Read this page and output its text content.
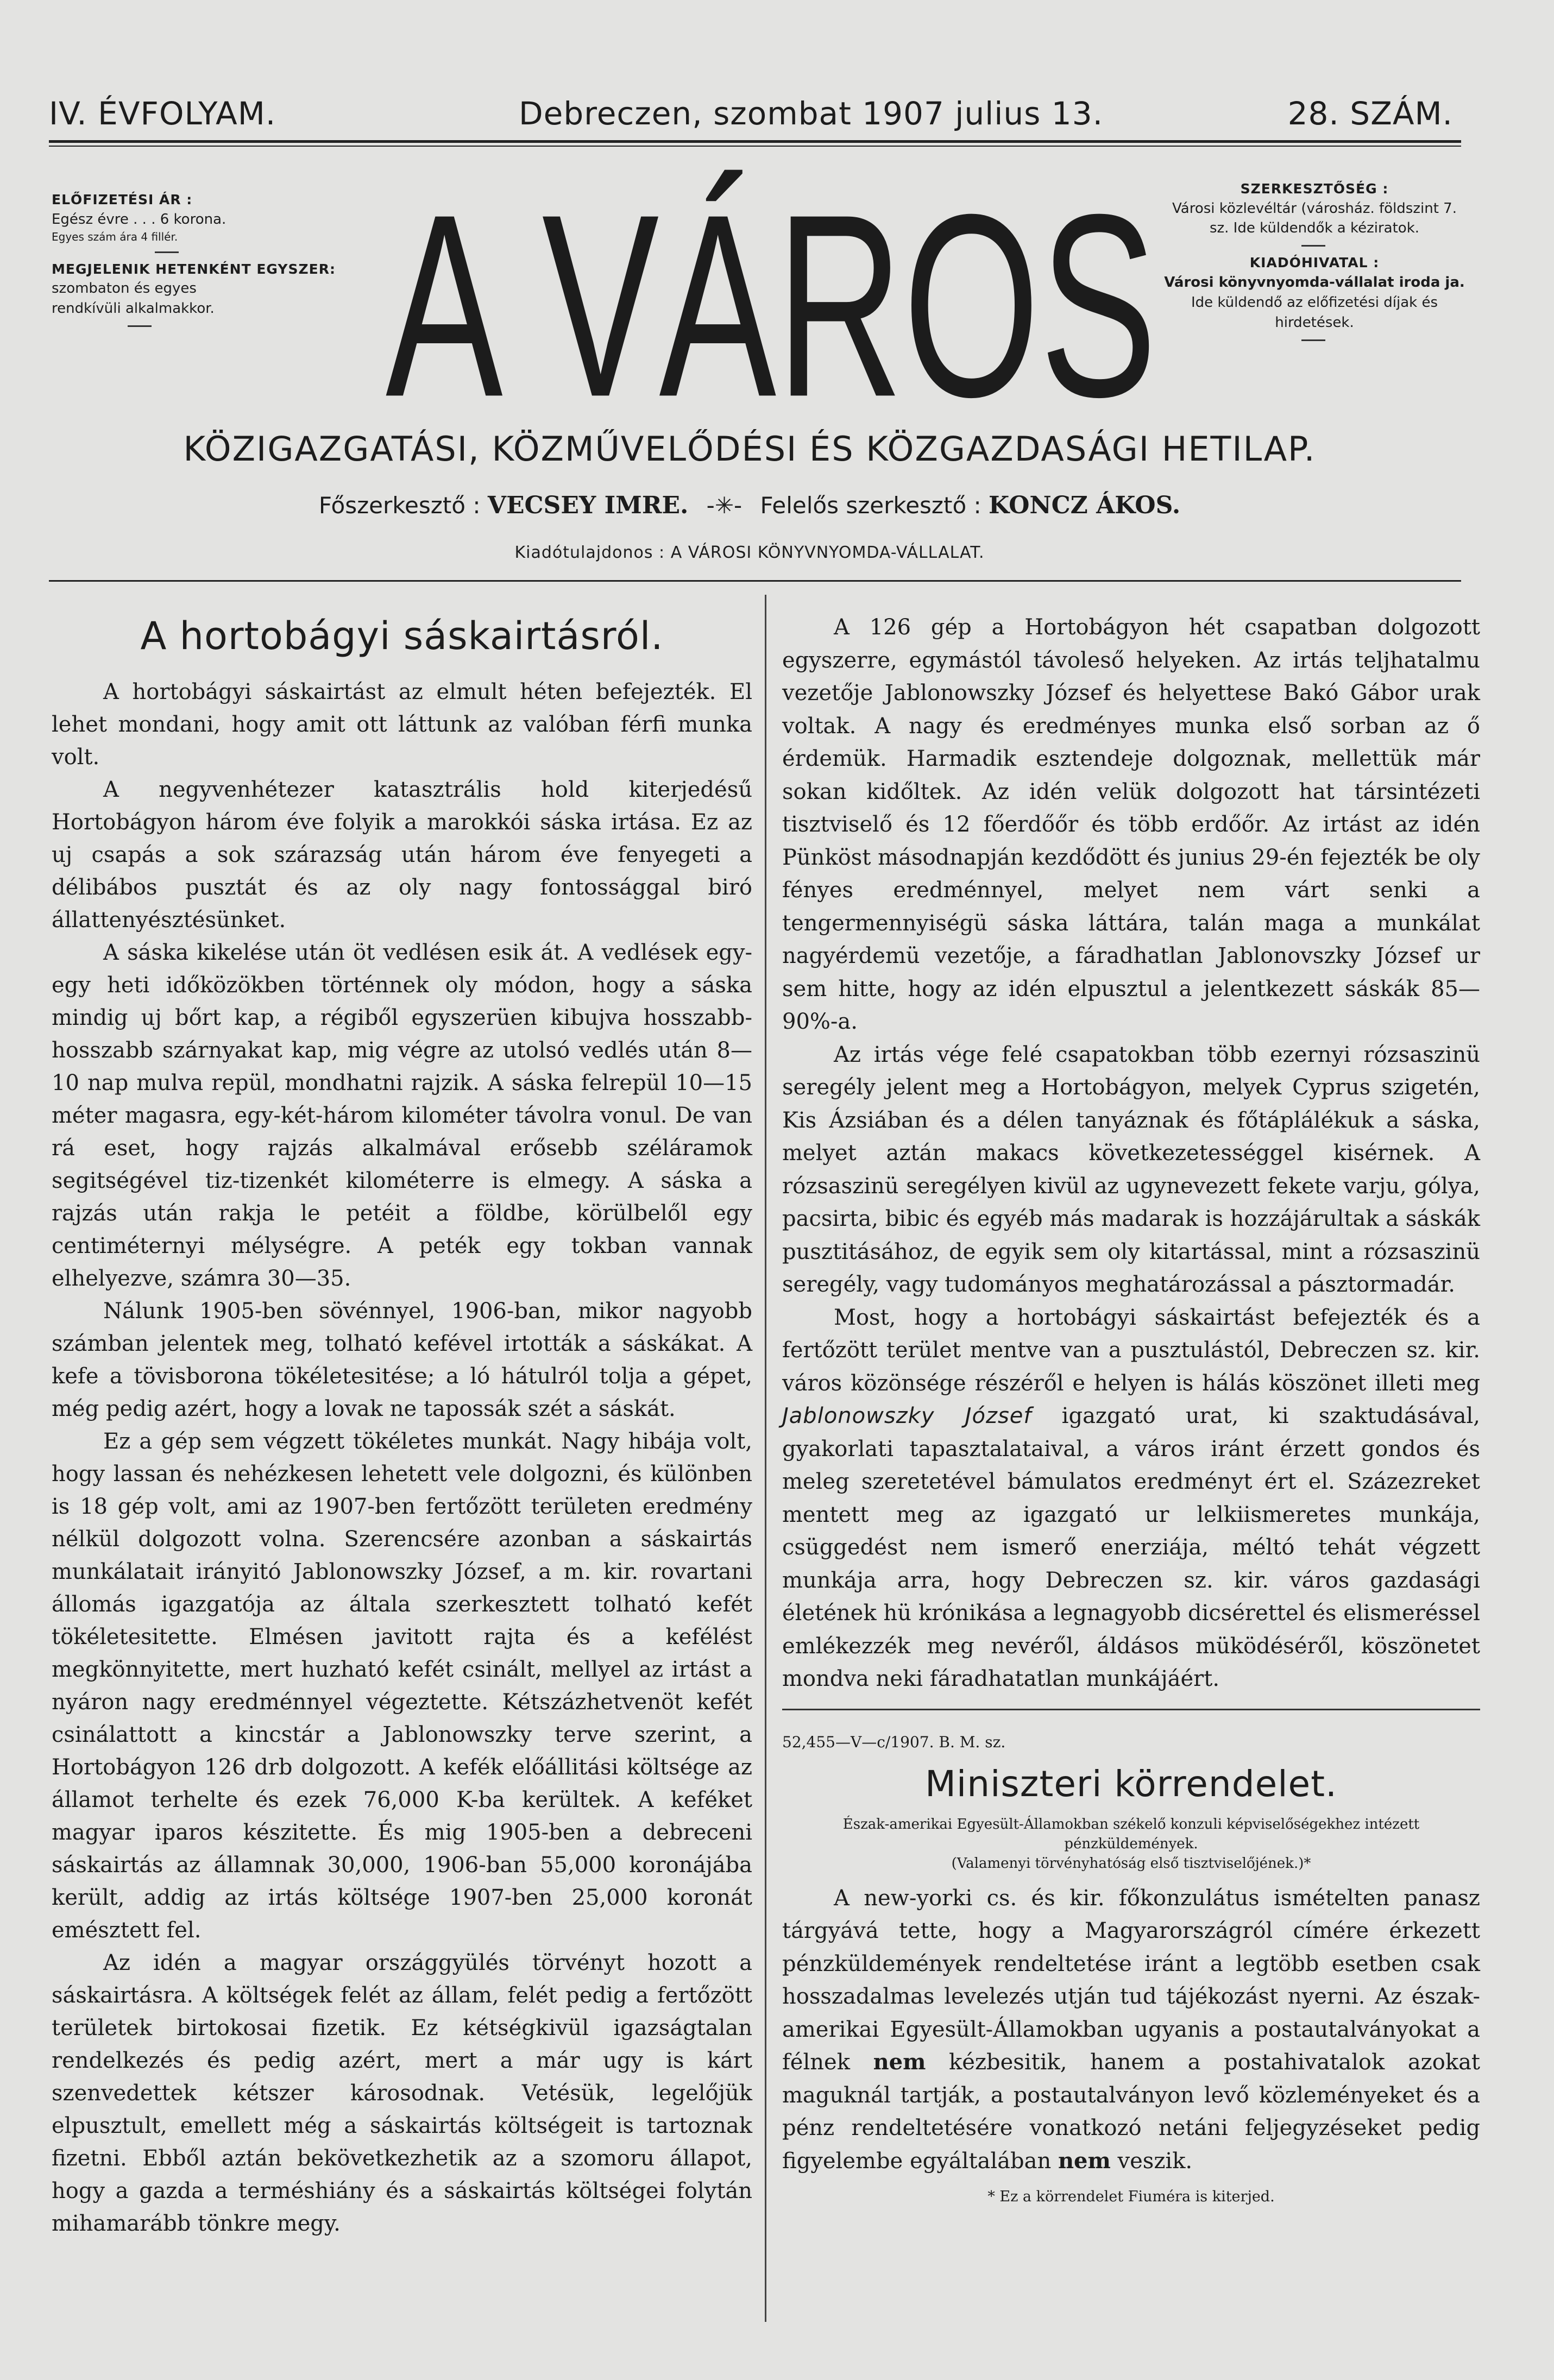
IV. ÉVFOLYAM.	Debreczen, szombat 1907 julius 13.	28. SZÁM.
ELŐFIZETÉSI ÁR :
Egész évre . . . 6 korona.
Egyes szám ára 4 fillér.
MEGJELENIK HETENKÉNT EGYSZER:
szombaton és egyes rendkívüli alkalmakkor. A VÁROS	SZERKESZTŐSÉG :
Városi közlevéltár (városház. földszint 7. sz. Ide küldendők a kéziratok.
KIADÓHIVATAL :
Városi könyvnyomda-vállalat iroda ja.
Ide küldendő az előfizetési díjak és hirdetések.
KÖZIGAZGATÁSI, KÖZMŰVELŐDÉSI ÉS KÖZGAZDASÁGI HETILAP.
Főszerkesztő : VECSEY IMRE. -✳- Felelős szerkesztő : KONCZ ÁKOS.
Kiadótulajdonos : A VÁROSI KÖNYVNYOMDA-VÁLLALAT.
A hortobágyi sáskairtásról.

A hortobágyi sáskairtást az elmult héten befejezték. El lehet mondani, hogy amit ott láttunk az valóban férfi munka volt.

A negyvenhétezer katasztrális hold kiterjedésű Hortobágyon három éve folyik a marokkói sáska irtása. Ez az uj csapás a sok szárazság után három éve fenyegeti a délibábos pusztát és az oly nagy fontossággal biró állattenyésztésünket.

A sáska kikelése után öt vedlésen esik át. A vedlések egy-egy heti időközökben történnek oly módon, hogy a sáska mindig uj bőrt kap, a régiből egyszerüen kibujva hosszabb-hosszabb szárnyakat kap, mig végre az utolsó vedlés után 8—10 nap mulva repül, mondhatni rajzik. A sáska felrepül 10—15 méter magasra, egy-két-három kilométer távolra vonul. De van rá eset, hogy rajzás alkalmával erősebb széláramok segitségével tiz-tizenkét kilométerre is elmegy. A sáska a rajzás után rakja le petéit a földbe, körülbelől egy centiméternyi mélységre. A peték egy tokban vannak elhelyezve, számra 30—35.

Nálunk 1905-ben sövénnyel, 1906-ban, mikor nagyobb számban jelentek meg, tolható kefével irtották a sáskákat. A kefe a tövisborona tökéletesitése; a ló hátulról tolja a gépet, még pedig azért, hogy a lovak ne tapossák szét a sáskát.

Ez a gép sem végzett tökéletes munkát. Nagy hibája volt, hogy lassan és nehézkesen lehetett vele dolgozni, és különben is 18 gép volt, ami az 1907-ben fertőzött területen eredmény nélkül dolgozott volna. Szerencsére azonban a sáskairtás munkálatait irányitó Jablonowszky József, a m. kir. rovartani állomás igazgatója az általa szerkesztett tolható kefét tökéletesitette. Elmésen javitott rajta és a kefélést megkönnyitette, mert huzható kefét csinált, mellyel az irtást a nyáron nagy eredménnyel végeztette. Kétszázhetvenöt kefét csinálattott a kincstár a Jablonowszky terve szerint, a Hortobágyon 126 drb dolgozott. A kefék előállitási költsége az államot terhelte és ezek 76,000 K-ba kerültek. A keféket magyar iparos készitette. És mig 1905-ben a debreceni sáskairtás az államnak 30,000, 1906-ban 55,000 koronájába került, addig az irtás költsége 1907-ben 25,000 koronát emésztett fel.

Az idén a magyar országgyülés törvényt hozott a sáskairtásra. A költségek felét az állam, felét pedig a fertőzött területek birtokosai fizetik. Ez kétségkivül igazságtalan rendelkezés és pedig azért, mert a már ugy is kárt szenvedettek kétszer károsodnak. Vetésük, legelőjük elpusztult, emellett még a sáskairtás költségeit is tartoznak fizetni. Ebből aztán bekövetkezhetik az a szomoru állapot, hogy a gazda a terméshiány és a sáskairtás költségei folytán mihamarább tönkre megy.

A 126 gép a Hortobágyon hét csapatban dolgozott egyszerre, egymástól távoleső helyeken. Az irtás teljhatalmu vezetője Jablonowszky József és helyettese Bakó Gábor urak voltak. A nagy és eredményes munka első sorban az ő érdemük. Harmadik esztendeje dolgoznak, mellettük már sokan kidőltek. Az idén velük dolgozott hat társintézeti tisztviselő és 12 főerdőőr és több erdőőr. Az irtást az idén Pünköst másodnapján kezdődött és junius 29-én fejezték be oly fényes eredménnyel, melyet nem várt senki a tengermennyiségü sáska láttára, talán maga a munkálat nagyérdemü vezetője, a fáradhatlan Jablonovszky József ur sem hitte, hogy az idén elpusztul a jelentkezett sáskák 85—90%-a.

Az irtás vége felé csapatokban több ezernyi rózsaszinü seregély jelent meg a Hortobágyon, melyek Cyprus szigetén, Kis Ázsiában és a délen tanyáznak és főtáplálékuk a sáska, melyet aztán makacs következetességgel kisérnek. A rózsaszinü seregélyen kivül az ugynevezett fekete varju, gólya, pacsirta, bibic és egyéb más madarak is hozzájárultak a sáskák pusztitásához, de egyik sem oly kitartással, mint a rózsaszinü seregély, vagy tudományos meghatározással a pásztormadár.

Most, hogy a hortobágyi sáskairtást befejezték és a fertőzött terület mentve van a pusztulástól, Debreczen sz. kir. város közönsége részéről e helyen is hálás köszönet illeti meg Jablonowszky József igazgató urat, ki szaktudásával, gyakorlati tapasztalataival, a város iránt érzett gondos és meleg szeretetével bámulatos eredményt ért el. Százezreket mentett meg az igazgató ur lelkiismeretes munkája, csüggedést nem ismerő enerziája, méltó tehát végzett munkája arra, hogy Debreczen sz. kir. város gazdasági életének hü krónikása a legnagyobb dicsérettel és elismeréssel emlékezzék meg nevéről, áldásos müködéséről, köszönetet mondva neki fáradhatatlan munkájáért.

52,455—V—c/1907. B. M. sz.
Miniszteri körrendelet.
Észak-amerikai Egyesült-Államokban székelő konzuli képviselőségekhez intézett pénzküldemények.
(Valamenyi törvényhatóság első tisztviselőjének.)*

A new-yorki cs. és kir. főkonzulátus ismételten panasz tárgyává tette, hogy a Magyarországról címére érkezett pénzküldemények rendeltetése iránt a legtöbb esetben csak hosszadalmas levelezés utján tud tájékozást nyerni. Az észak-amerikai Egyesült-Államokban ugyanis a postautalványokat a félnek nem kézbesitik, hanem a postahivatalok azokat maguknál tartják, a postautalványon levő közleményeket és a pénz rendeltetésére vonatkozó netáni feljegyzéseket pedig figyelembe egyáltalában nem veszik.

* Ez a körrendelet Fiuméra is kiterjed.
